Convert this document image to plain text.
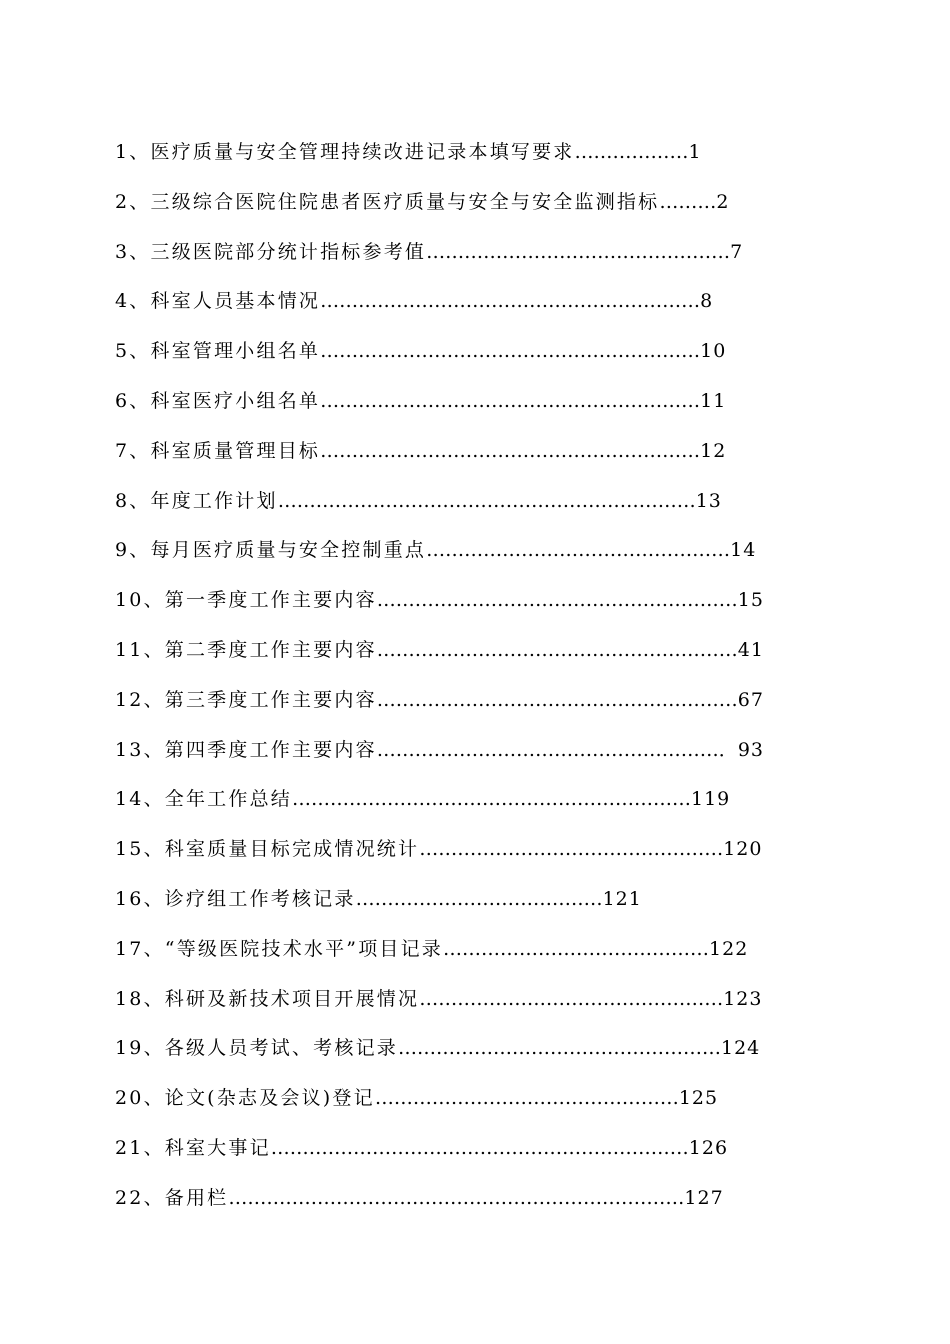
1、医疗质量与安全管理持续改进记录本填写要求………………1
2、三级综合医院住院患者医疗质量与安全与安全监测指标………2
3、三级医院部分统计指标参考值…………………………………………7
4、科室人员基本情况……………………………………………………8
5、科室管理小组名单……………………………………………………10
6、科室医疗小组名单……………………………………………………11
7、科室质量管理目标……………………………………………………12
8、年度工作计划…………………………………………………………13
9、每月医疗质量与安全控制重点…………………………………………14
10、第一季度工作主要内容…………………………………………………15
11、第二季度工作主要内容…………………………………………………41
12、第三季度工作主要内容…………………………………………………67
13、第四季度工作主要内容………………………………………………．93
14、全年工作总结………………………………………………………119
15、科室质量目标完成情况统计…………………………………………120
16、诊疗组工作考核记录…………………………………121
17、“等级医院技术水平”项目记录……………………………………122
18、科研及新技术项目开展情况…………………………………………123
19、各级人员考试、考核记录……………………………………………124
20、论文(杂志及会议)登记…………………………………………125
21、科室大事记…………………………………………………………126
22、备用栏………………………………………………………………127
